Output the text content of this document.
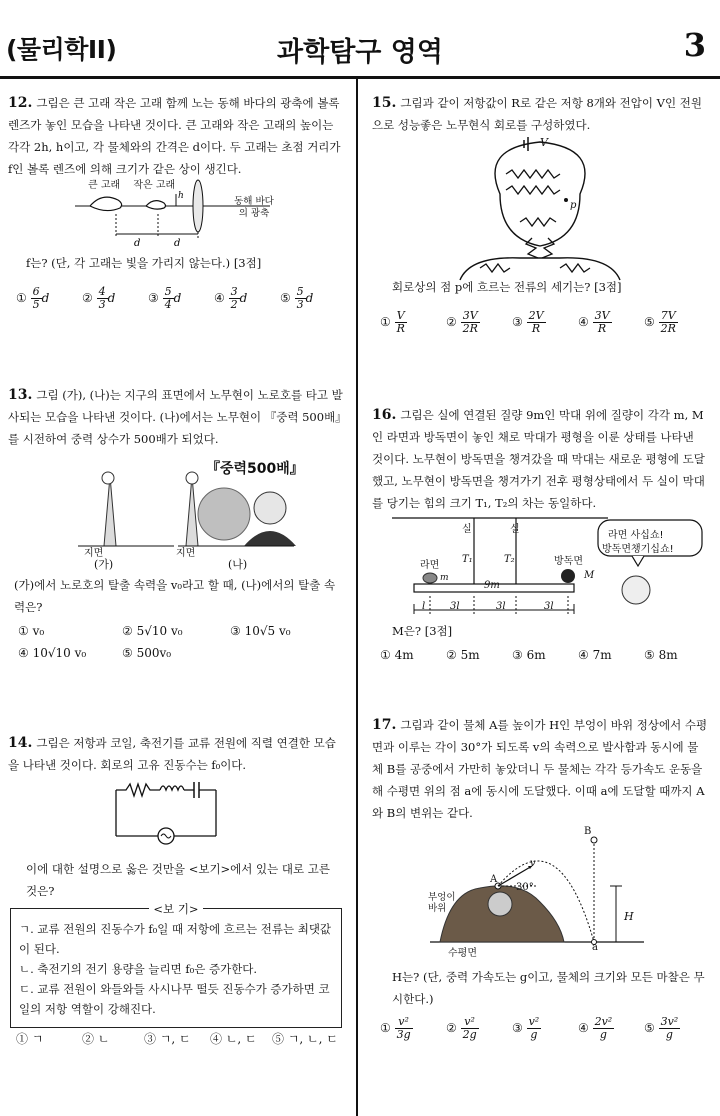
(물리학II)	과학탐구 영역	3

12. 그림은 큰 고래 작은 고래 함께 노는 동해 바다의 광축에 볼록 렌즈가 놓인 모습을 나타낸 것이다. 큰 고래와 작은 고래의 높이는 각각 2h, h이고, 각 물체와의 간격은 d이다. 두 고래는 초점 거리가 f인 볼록 렌즈에 의해 크기가 같은 상이 생긴다.

h
d	d
큰 고래 작은 고래
동해 바다의 광축

f는? (단, 각 고래는 빛을 가리지 않는다.) [3점]

① $\frac{6}{5}$ d	② $\frac{4}{3}$ d	③ $\frac{5}{4}$ d	④ $\frac{3}{2}$ d	⑤ $\frac{5}{3}$ d

13. 그림 (가), (나)는 지구의 표면에서 노무현이 노로호를 타고 발사되는 모습을 나타낸 것이다. (나)에서는 노무현이 『중력 500배』를 시전하여 중력 상수가 500배가 되었다.

『중력500배』
지면	지면
(가)	(나)

(가)에서 노로호의 탈출 속력을 v₀라고 할 때, (나)에서의 탈출 속력은?

① v₀	② 5√10 v₀	③ 10√5 v₀
④ 10√10 v₀	⑤ 500v₀

14. 그림은 저항과 코일, 축전기를 교류 전원에 직렬 연결한 모습을 나타낸 것이다. 회로의 고유 진동수는 f₀이다.

이에 대한 설명으로 옳은 것만을 <보기>에서 있는 대로 고른 것은?

<보 기>
ㄱ. 교류 전원의 진동수가 f₀일 때 저항에 흐르는 전류는 최댓값이 된다.
ㄴ. 축전기의 전기 용량을 늘리면 f₀은 증가한다.
ㄷ. 교류 전원이 와들와들 사시나무 떨듯 진동수가 증가하면 코일의 저항 역할이 강해진다.
① ㄱ	② ㄴ	③ ㄱ, ㄷ ④ ㄴ, ㄷ ⑤ ㄱ, ㄴ, ㄷ

15. 그림과 같이 저항값이 R로 같은 저항 8개와 전압이 V인 전원으로 성능좋은 노무현식 회로를 구성하였다.

V
p

회로상의 점 p에 흐르는 전류의 세기는? [3점]

① $\frac{V}{R}$	② $\frac{3V}{2R}$	③ $\frac{2V}{R}$	④ $\frac{3V}{R}$	⑤ $\frac{7V}{2R}$

16. 그림은 실에 연결된 질량 9m인 막대 위에 질량이 각각 m, M인 라면과 방독면이 놓인 채로 막대가 평형을 이룬 상태를 나타낸 것이다. 노무현이 방독면을 챙겨갔을 때 막대는 새로운 평형에 도달했고, 노무현이 방독면을 챙겨가기 전후 평형상태에서 두 실이 막대를 당기는 힘의 크기 T₁, T₂의 차는 동일하다.

실	실
T₁	T₂
라면	방독면
m	M
9m
l 3l	3l	3l
라면 사십쇼!
방독면챙기십쇼!

M은? [3점]

① 4m	② 5m	③ 6m	④ 7m	⑤ 8m

17. 그림과 같이 물체 A를 높이가 H인 부엉이 바위 정상에서 수평면과 이루는 각이 30°가 되도록 v의 속력으로 발사함과 동시에 물체 B를 공중에서 가만히 놓았더니 두 물체는 각각 등가속도 운동을 해 수평면 위의 점 a에 동시에 도달했다. 이때 a에 도달할 때까지 A와 B의 변위는 같다.

A
B
v
30°
부엉이 바위
H
수평면
a

H는? (단, 중력 가속도는 g이고, 물체의 크기와 모든 마찰은 무시한다.)

① $\frac{\text{v²}}{3g}$	② $\frac{\text{v²}}{2g}$	③ $\frac{\text{v²}}{g}$	④ $\frac{\text{2v²}}{g}$ ⑤ $\frac{\text{3v²}}{g}$
